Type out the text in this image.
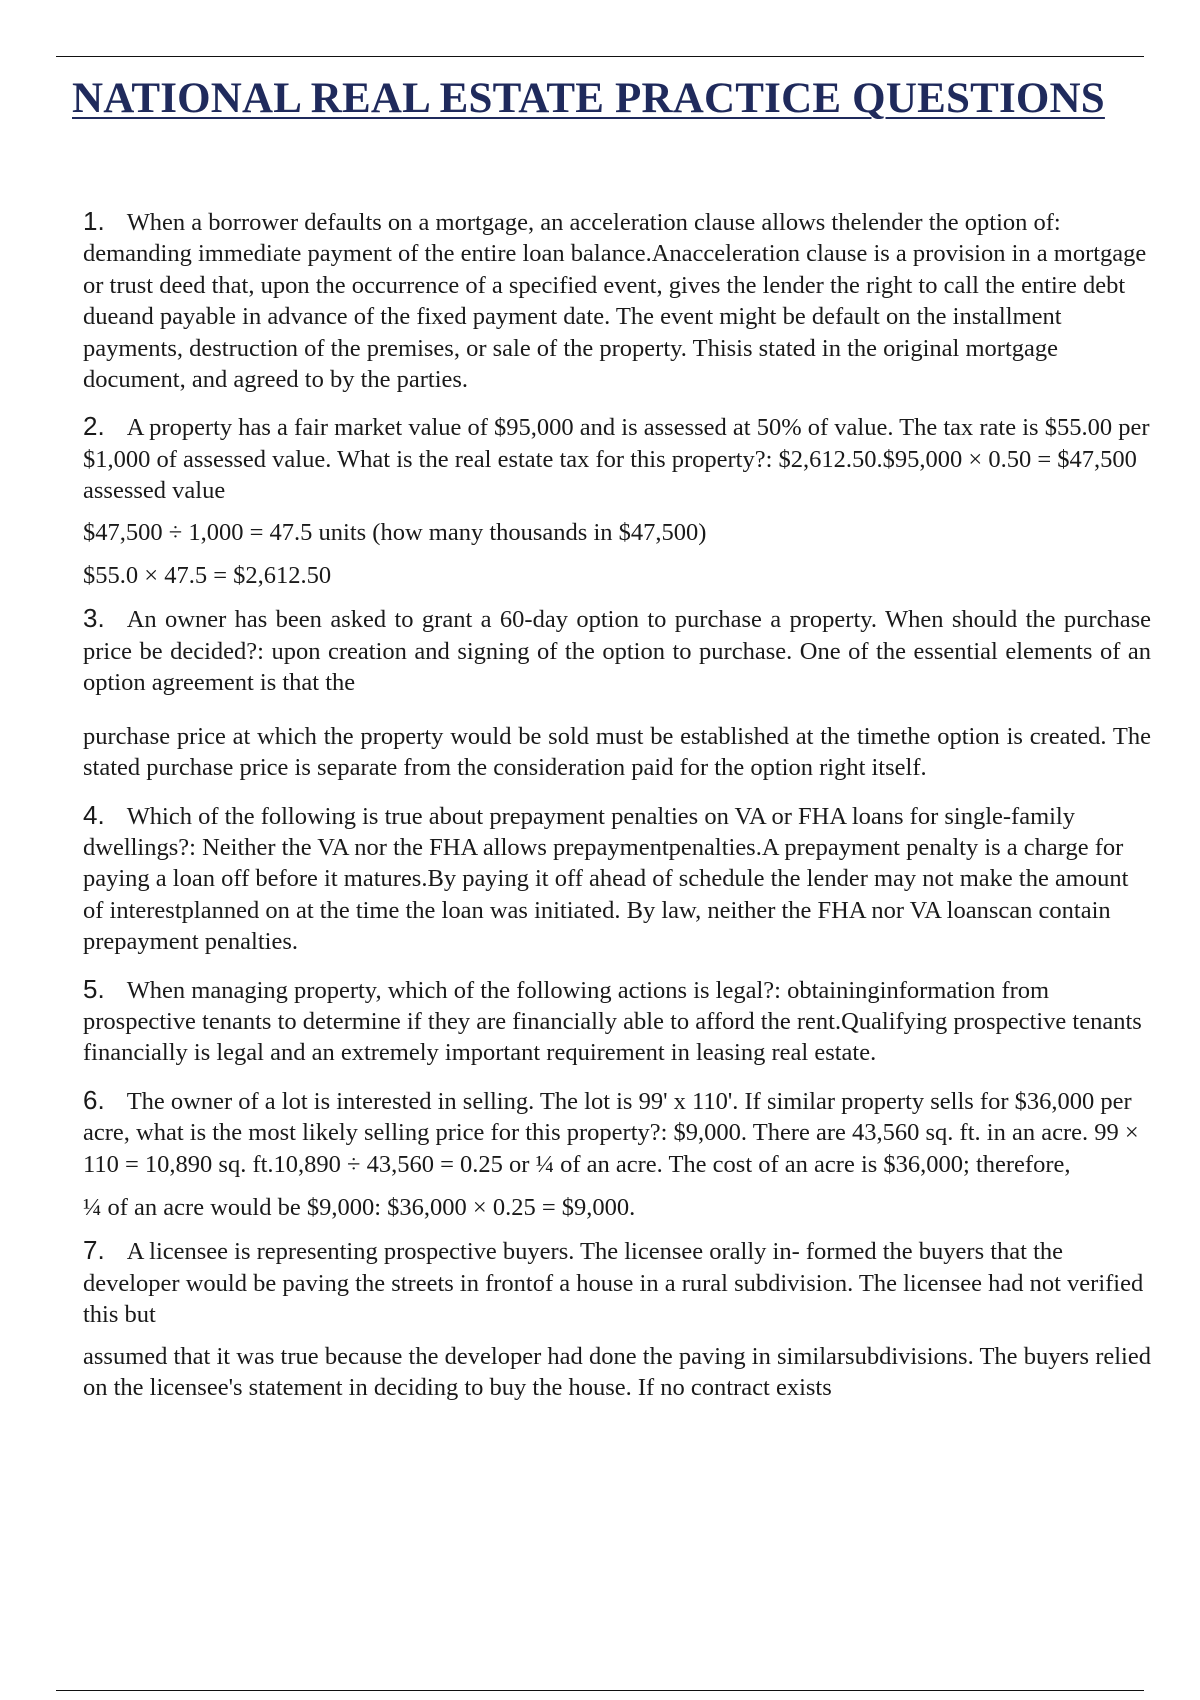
NATIONAL REAL ESTATE PRACTICE QUESTIONS

1. When a borrower defaults on a mortgage, an acceleration clause allows thelender the option of: demanding immediate payment of the entire loan balance.Anacceleration clause is a provision in a mortgage or trust deed that, upon the occurrence of a specified event, gives the lender the right to call the entire debt dueand payable in advance of the fixed payment date. The event might be default on the installment payments, destruction of the premises, or sale of the property. Thisis stated in the original mortgage document, and agreed to by the parties.

2. A property has a fair market value of $95,000 and is assessed at 50% of value. The tax rate is $55.00 per $1,000 of assessed value. What is the real estate tax for this property?: $2,612.50.$95,000 × 0.50 = $47,500 assessed value

$47,500 ÷ 1,000 = 47.5 units (how many thousands in $47,500)

$55.0 × 47.5 = $2,612.50

3. An owner has been asked to grant a 60-day option to purchase a property. When should the purchase price be decided?: upon creation and signing of the option to purchase. One of the essential elements of an option agreement is that the

purchase price at which the property would be sold must be established at the timethe option is created. The stated purchase price is separate from the consideration paid for the option right itself.

4. Which of the following is true about prepayment penalties on VA or FHA loans for single-family dwellings?: Neither the VA nor the FHA allows prepaymentpenalties.A prepayment penalty is a charge for paying a loan off before it matures.By paying it off ahead of schedule the lender may not make the amount of interestplanned on at the time the loan was initiated. By law, neither the FHA nor VA loanscan contain prepayment penalties.

5. When managing property, which of the following actions is legal?: obtaininginformation from prospective tenants to determine if they are financially able to afford the rent.Qualifying prospective tenants financially is legal and an extremely important requirement in leasing real estate.

6. The owner of a lot is interested in selling. The lot is 99' x 110'. If similar property sells for $36,000 per acre, what is the most likely selling price for this property?: $9,000. There are 43,560 sq. ft. in an acre. 99 × 110 = 10,890 sq. ft.10,890 ÷ 43,560 = 0.25 or ¼ of an acre. The cost of an acre is $36,000; therefore,

¼ of an acre would be $9,000: $36,000 × 0.25 = $9,000.

7. A licensee is representing prospective buyers. The licensee orally in- formed the buyers that the developer would be paving the streets in frontof a house in a rural subdivision. The licensee had not verified this but

assumed that it was true because the developer had done the paving in similarsubdivisions. The buyers relied on the licensee's statement in deciding to buy the house. If no contract exists
